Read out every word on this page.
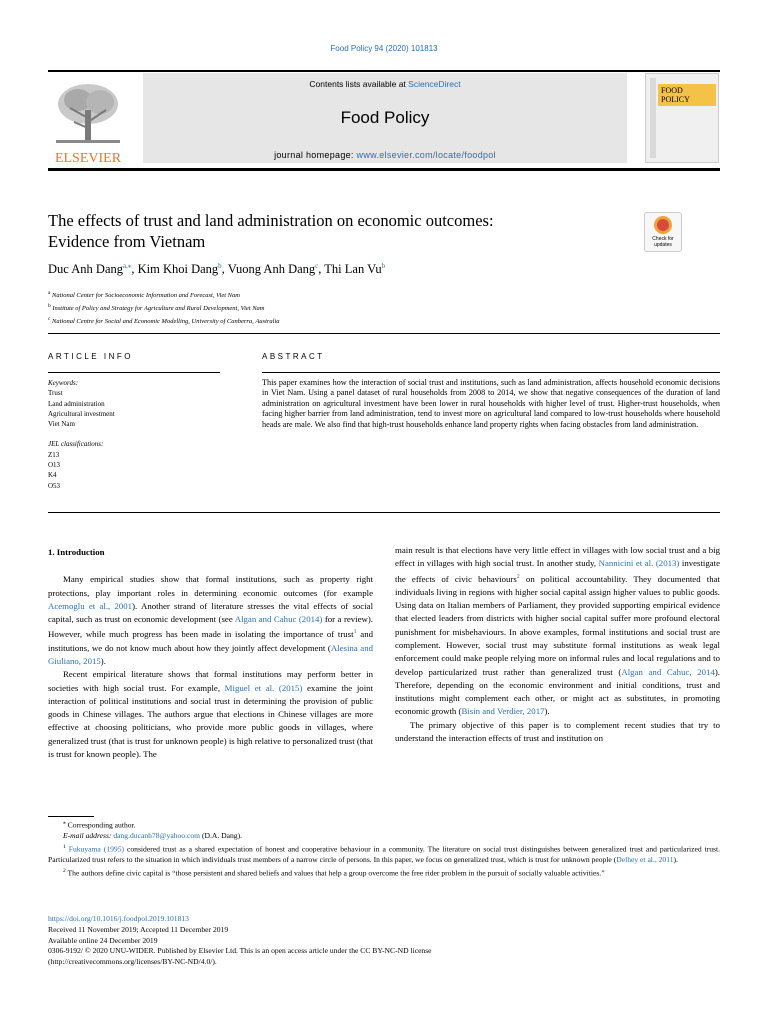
Food Policy 94 (2020) 101813
ELSEVIER
Contents lists available at ScienceDirect
Food Policy
journal homepage: www.elsevier.com/locate/foodpol
FOOD
POLICY
The effects of trust and land administration on economic outcomes:
Evidence from Vietnam	Check for updates
Duc Anh Dang$^{a,⁎}$, Kim Khoi Dang$^b$, Vuong Anh Dang$^c$, Thi Lan Vu$^b$
$^a$ National Center for Socioeconomic Information and Forecast, Viet Nam
$^b$ Institute of Policy and Strategy for Agriculture and Rural Development, Viet Nam
$^c$ National Centre for Social and Economic Modelling, University of Canberra, Australia
ARTICLE INFO	ABSTRACT
Keywords:
Trust
Land administration
Agricultural investment
Viet Nam
JEL classifications:
Z13
O13
K4
O53
This paper examines how the interaction of social trust and institutions, such as land administration, affects household economic decisions in Viet Nam. Using a panel dataset of rural households from 2008 to 2014, we show that negative consequences of the duration of land administration on agricultural investment have been lower in rural households with higher level of trust. Higher-trust households, when facing higher barrier from land administration, tend to invest more on agricultural land compared to low-trust households where household heads are male. We also find that high-trust households enhance land property rights when facing obstacles from land administration.
1. Introduction

Many empirical studies show that formal institutions, such as property right protections, play important roles in determining economic outcomes (for example Acemoglu et al., 2001). Another strand of literature stresses the vital effects of social capital, such as trust on economic development (see Algan and Cahuc (2014) for a review). However, while much progress has been made in isolating the importance of trust$^1$ and institutions, we do not know much about how they jointly affect development (Alesina and Giuliano, 2015).

Recent empirical literature shows that formal institutions may perform better in societies with high social trust. For example, Miguel et al. (2015) examine the joint interaction of political institutions and social trust in determining the provision of public goods in Chinese villages. The authors argue that elections in Chinese villages are more effective at choosing politicians, who provide more public goods in villages, where generalized trust (that is trust for unknown people) is high relative to personalized trust (that is trust for known people). The

main result is that elections have very little effect in villages with low social trust and a big effect in villages with high social trust. In another study, Nannicini et al. (2013) investigate the effects of civic behaviours$^2$ on political accountability. They documented that individuals living in regions with higher social capital assign higher values to public goods. Using data on Italian members of Parliament, they provided supporting empirical evidence that elected leaders from districts with higher social capital suffer more profound electoral punishment for misbehaviours. In above examples, formal institutions and social trust are complement. However, social trust may substitute formal institutions as weak legal enforcement could make people relying more on informal rules and local regulations and to develop particularized trust rather than generalized trust (Algan and Cahuc, 2014). Therefore, depending on the economic environment and initial conditions, trust and institutions might complement each other, or might act as substitutes, in promoting economic growth (Bisin and Verdier, 2017).

The primary objective of this paper is to complement recent studies that try to understand the interaction effects of trust and institution on

⁎ Corresponding author.
E-mail address: dang.ducanh78@yahoo.com (D.A. Dang).
$^1$ Fukuyama (1995) considered trust as a shared expectation of honest and cooperative behaviour in a community. The literature on social trust distinguishes between generalized trust and particularized trust. Particularized trust refers to the situation in which individuals trust members of a narrow circle of persons. In this paper, we focus on generalized trust, which is trust for unknown people (Delhey et al., 2011).
$^2$ The authors define civic capital is “those persistent and shared beliefs and values that help a group overcome the free rider problem in the pursuit of socially valuable activities.”
https://doi.org/10.1016/j.foodpol.2019.101813
Received 11 November 2019; Accepted 11 December 2019
Available online 24 December 2019
0306-9192/ © 2020 UNU-WIDER. Published by Elsevier Ltd. This is an open access article under the CC BY-NC-ND license
(http://creativecommons.org/licenses/BY-NC-ND/4.0/).
